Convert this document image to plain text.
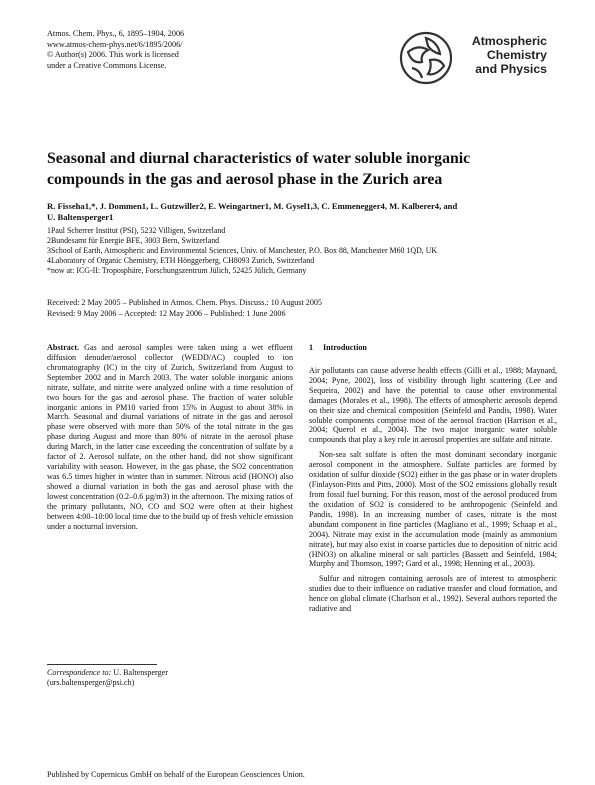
Atmos. Chem. Phys., 6, 1895–1904, 2006
www.atmos-chem-phys.net/6/1895/2006/
© Author(s) 2006. This work is licensed
under a Creative Commons License.
Atmospheric
Chemistry
and Physics
Seasonal and diurnal characteristics of water soluble inorganic
compounds in the gas and aerosol phase in the Zurich area
R. Fisseha1,*, J. Dommen1, L. Gutzwiller2, E. Weingartner1, M. Gysel1,3, C. Emmenegger4, M. Kalberer4, and
U. Baltensperger1
1Paul Scherrer Institut (PSI), 5232 Villigen, Switzerland
2Bundesamt für Energie BFE, 3003 Bern, Switzerland
3School of Earth, Atmospheric and Environmental Sciences, Univ. of Manchester, P.O. Box 88, Manchester M60 1QD, UK
4Laboratory of Organic Chemistry, ETH Hönggerberg, CH8093 Zurich, Switzerland
*now at: ICG-II: Troposphäre, Forschungszentrum Jülich, 52425 Jülich, Germany
Received: 2 May 2005 – Published in Atmos. Chem. Phys. Discuss.: 10 August 2005
Revised: 9 May 2006 – Accepted: 12 May 2006 – Published: 1 June 2006

Abstract. Gas and aerosol samples were taken using a wet effluent diffusion denuder/aerosol collector (WEDD/AC) coupled to ion chromatography (IC) in the city of Zurich, Switzerland from August to September 2002 and in March 2003. The water soluble inorganic anions nitrate, sulfate, and nitrite were analyzed online with a time resolution of two hours for the gas and aerosol phase. The fraction of water soluble inorganic anions in PM10 varied from 15% in August to about 38% in March. Seasonal and diurnal variations of nitrate in the gas and aerosol phase were observed with more than 50% of the total nitrate in the gas phase during August and more than 80% of nitrate in the aerosol phase during March, in the latter case exceeding the concentration of sulfate by a factor of 2. Aerosol sulfate, on the other hand, did not show significant variability with season. However, in the gas phase, the SO2 concentration was 6.5 times higher in winter than in summer. Nitrous acid (HONO) also showed a diurnal variation in both the gas and aerosol phase with the lowest concentration (0.2–0.6 µg/m3) in the afternoon. The mixing ratios of the primary pollutants, NO, CO and SO2 were often at their highest between 4:00–10:00 local time due to the build up of fresh vehicle emission under a nocturnal inversion.

Correspondence to: U. Baltensperger
(urs.baltensperger@psi.ch)
1 Introduction

Air pollutants can cause adverse health effects (Gilli et al., 1988; Maynard, 2004; Pyne, 2002), loss of visibility through light scattering (Lee and Sequeira, 2002) and have the potential to cause other environmental damages (Morales et al., 1998). The effects of atmospheric aerosols depend on their size and chemical composition (Seinfeld and Pandis, 1998). Water soluble components comprise most of the aerosol fraction (Harrison et al., 2004; Querol et al., 2004). The two major inorganic water soluble compounds that play a key role in aerosol properties are sulfate and nitrate.

Non-sea salt sulfate is often the most dominant secondary inorganic aerosol component in the atmosphere. Sulfate particles are formed by oxidation of sulfur dioxide (SO2) either in the gas phase or in water droplets (Finlayson-Pitts and Pitts, 2000). Most of the SO2 emissions globally result from fossil fuel burning. For this reason, most of the aerosol produced from the oxidation of SO2 is considered to be anthropogenic (Seinfeld and Pandis, 1998). In an increasing number of cases, nitrate is the most abundant component in fine particles (Magliano et al., 1999; Schaap et al., 2004). Nitrate may exist in the accumulation mode (mainly as ammonium nitrate), but may also exist in coarse particles due to deposition of nitric acid (HNO3) on alkaline mineral or salt particles (Bassett and Seinfeld, 1984; Murphy and Thomson, 1997; Gard et al., 1998; Henning et al., 2003).

Sulfur and nitrogen containing aerosols are of interest to atmospheric studies due to their influence on radiative transfer and cloud formation, and hence on global climate (Charlson et al., 1992). Several authors reported the radiative and

Published by Copernicus GmbH on behalf of the European Geosciences Union.
